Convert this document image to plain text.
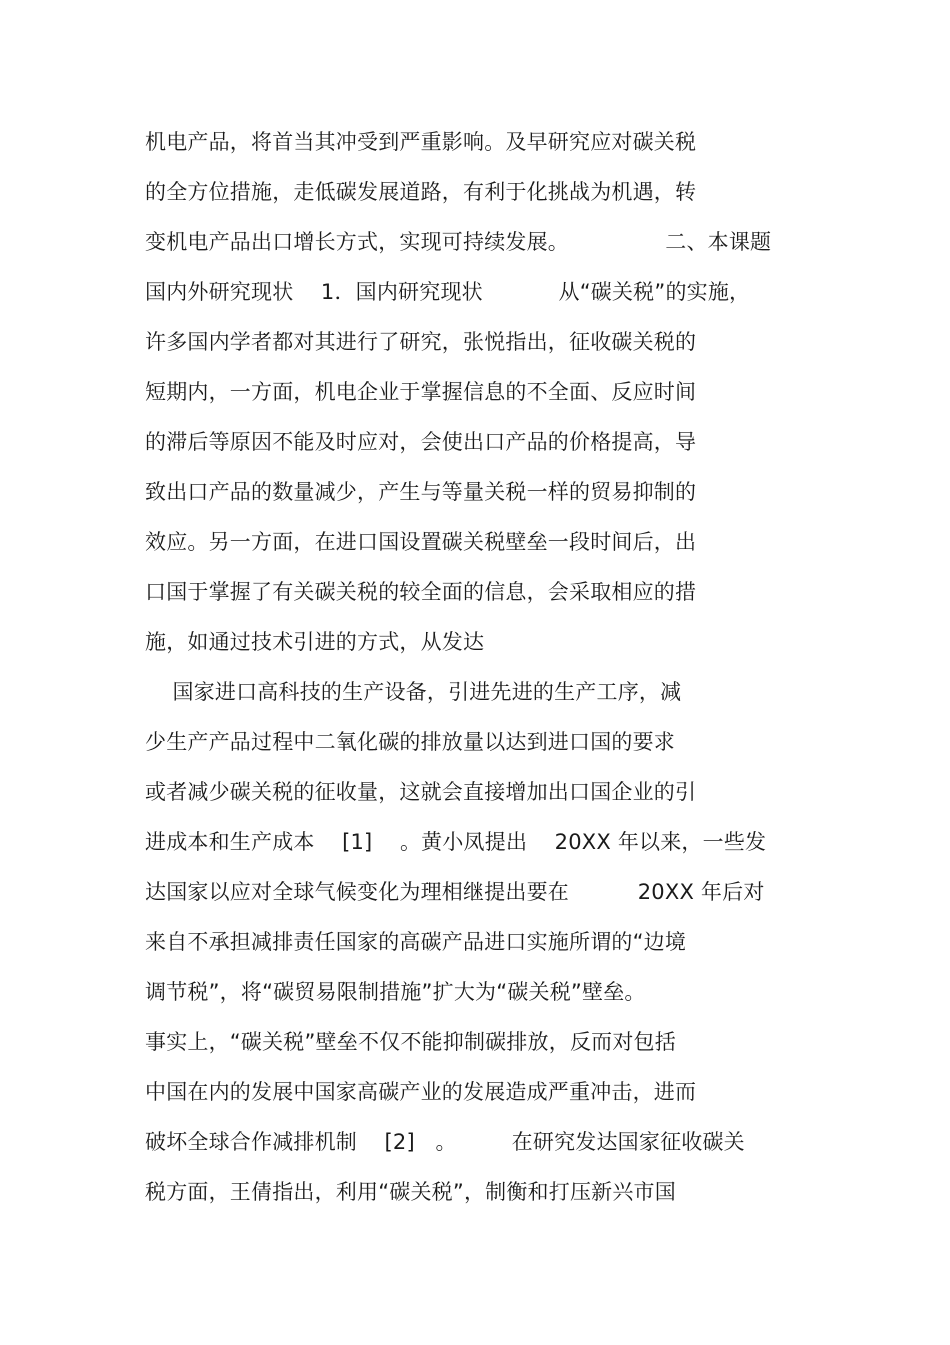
机电产品，将首当其冲受到严重影响。及早研究应对碳关税
的全方位措施，走低碳发展道路，有利于化挑战为机遇，转
变机电产品出口增长方式，实现可持续发展。              二、本课题
国内外研究现状    1．国内研究现状           从“碳关税”的实施，
许多国内学者都对其进行了研究，张悦指出，征收碳关税的
短期内，一方面，机电企业于掌握信息的不全面、反应时间
的滞后等原因不能及时应对，会使出口产品的价格提高，导
致出口产品的数量减少，产生与等量关税一样的贸易抑制的
效应。另一方面，在进口国设置碳关税壁垒一段时间后，出
口国于掌握了有关碳关税的较全面的信息，会采取相应的措
施，如通过技术引进的方式，从发达
国家进口高科技的生产设备，引进先进的生产工序，减
少生产产品过程中二氧化碳的排放量以达到进口国的要求
或者减少碳关税的征收量，这就会直接增加出口国企业的引
进成本和生产成本    [1]    。黄小凤提出    20XX 年以来，一些发
达国家以应对全球气候变化为理相继提出要在          20XX 年后对
来自不承担减排责任国家的高碳产品进口实施所谓的“边境
调节税”，将“碳贸易限制措施”扩大为“碳关税”壁垒。
事实上，“碳关税”壁垒不仅不能抑制碳排放，反而对包括
中国在内的发展中国家高碳产业的发展造成严重冲击，进而
破坏全球合作减排机制    [2]   。        在研究发达国家征收碳关
税方面，王倩指出，利用“碳关税”，制衡和打压新兴市国
